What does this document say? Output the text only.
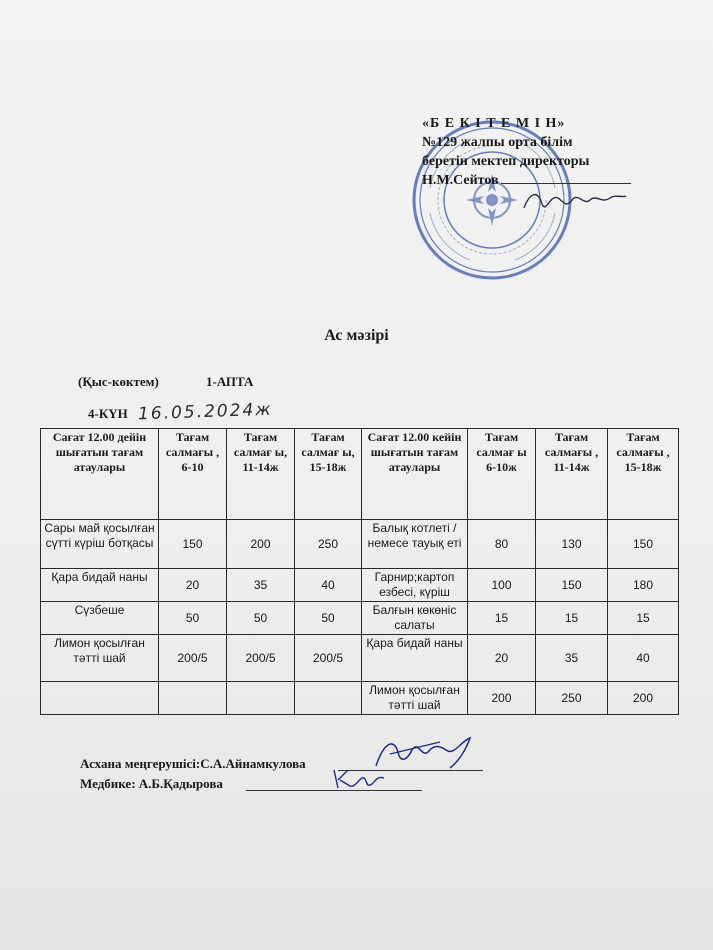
«Б Е К І Т Е М І Н»
№129 жалпы орта білім
беретін мектеп директоры
Н.М.Сейтов
Ас мәзірі
(Қыс-көктем)	1-АПТА
4-КҮН 16.05.2024ж
Сағат 12.00 дейін шығатын тағам атаулары	Тағам салмағы , 6-10	Тағам салмағ ы, 11-14ж	Тағам салмағ ы, 15-18ж	Сағат 12.00 кейін шығатын тағам атаулары	Тағам салмағ ы 6-10ж	Тағам салмағы , 11-14ж	Тағам салмағы , 15-18ж
Сары май қосылған сүтті күріш ботқасы	150	200	250	Балық котлеті /немесе тауық еті	80	130	150
Қара бидай наны	20	35	40	Гарнир;картоп езбесі, күріш	100	150	180
Сүзбеше	50	50	50	Балғын көкөніс салаты	15	15	15
Лимон қосылған тәтті шай	200/5	200/5	200/5	Қара бидай наны	20	35	40
				Лимон қосылған тәтті шай	200	250	200
Асхана меңгерушісі:С.А.Айнамкулова
Медбике: А.Б.Қадырова
